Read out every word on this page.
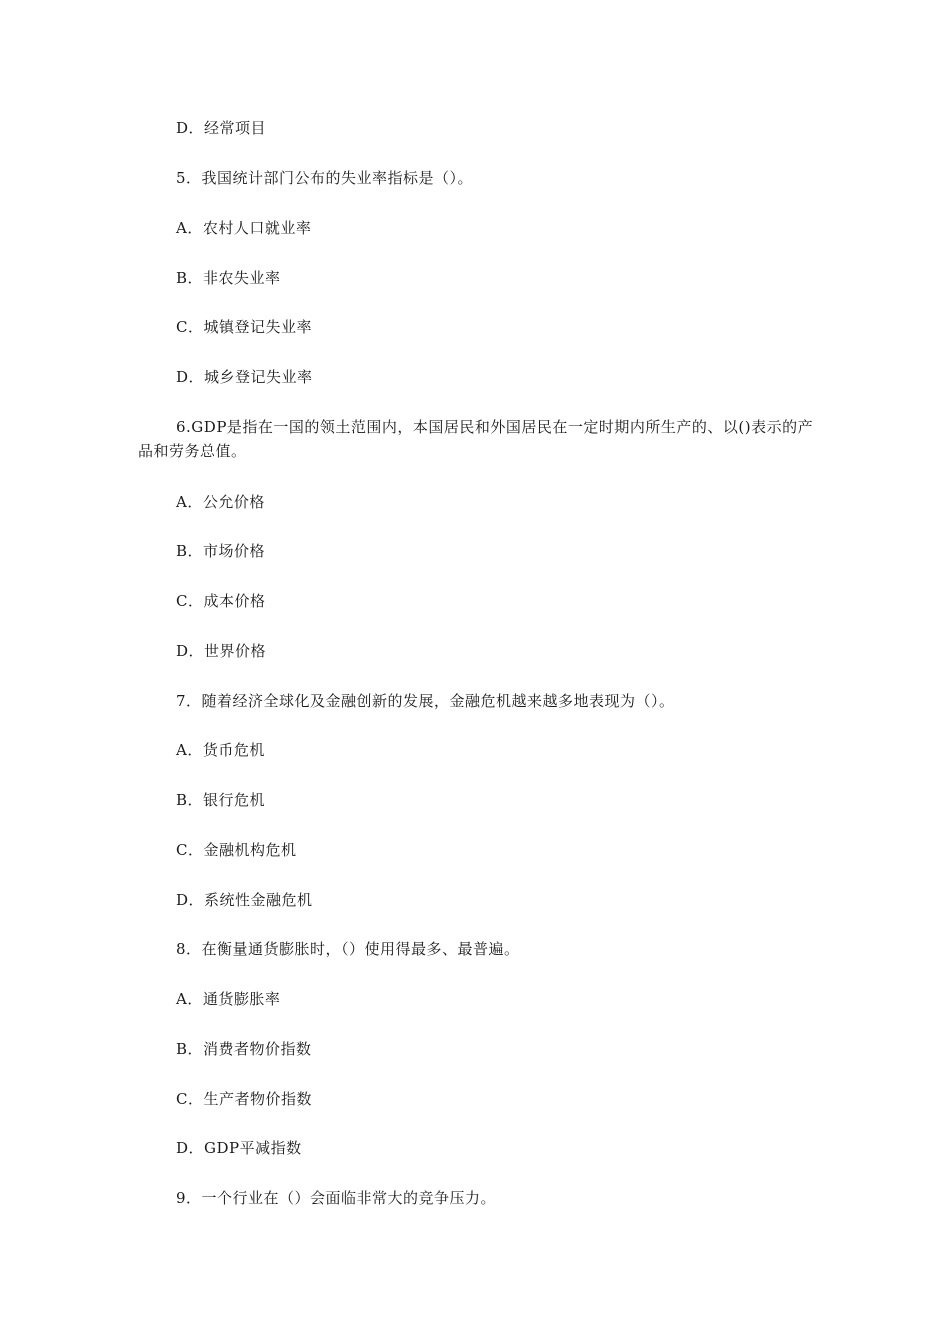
D．经常项目
5．我国统计部门公布的失业率指标是（）。
A．农村人口就业率
B．非农失业率
C．城镇登记失业率
D．城乡登记失业率
6.GDP是指在一国的领土范围内，本国居民和外国居民在一定时期内所生产的、以()表示的产品和劳务总值。
A．公允价格
B．市场价格
C．成本价格
D．世界价格
7．随着经济全球化及金融创新的发展，金融危机越来越多地表现为（）。
A．货币危机
B．银行危机
C．金融机构危机
D．系统性金融危机
8．在衡量通货膨胀时，（）使用得最多、最普遍。
A．通货膨胀率
B．消费者物价指数
C．生产者物价指数
D．GDP平减指数
9．一个行业在（）会面临非常大的竞争压力。
